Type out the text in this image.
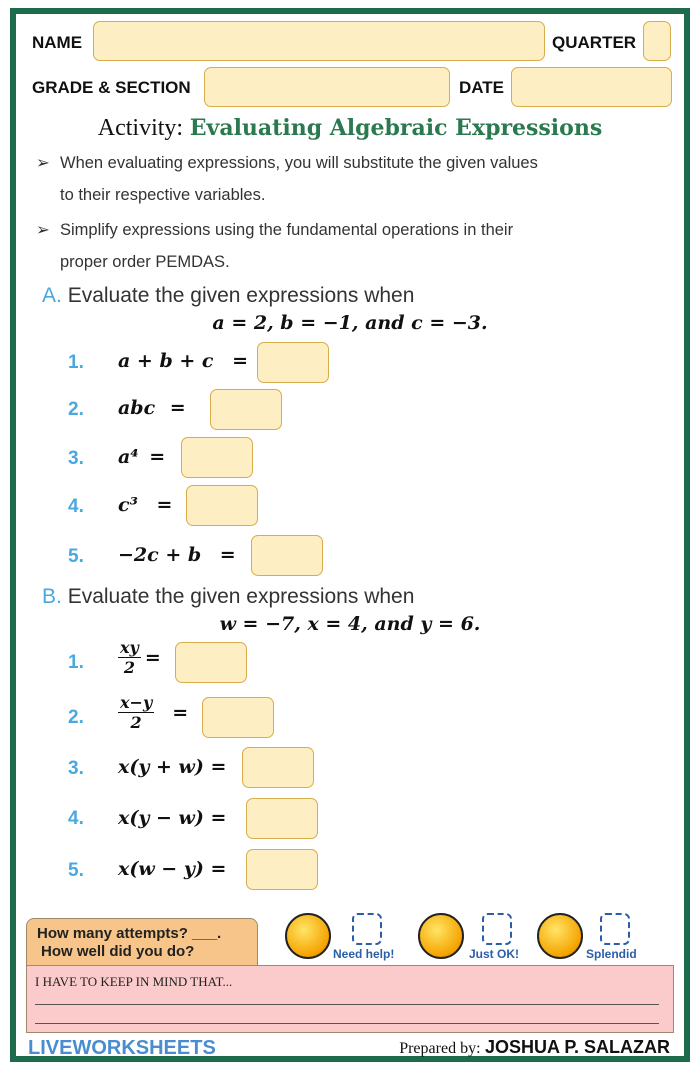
NAME	QUARTER
GRADE & SECTION	DATE
Activity: Evaluating Algebraic Expressions
➢ When evaluating expressions, you will substitute the given values
to their respective variables.
➢ Simplify expressions using the fundamental operations in their
proper order PEMDAS.
A. Evaluate the given expressions when
a = 2, b = −1, and c = −3.
1. a + b + c =
2. abc =
3. a⁴ =
4. c³ =
5. −2c + b =
B. Evaluate the given expressions when
w = −7, x = 4, and y = 6.
1. $\frac{xy}{2}$ =
2. $\frac{x-y}{2}$ =
3. x(y + w) =
4. x(y − w) =
5. x(w − y) =
How many attempts? ___.
How well did you do?	Need help!	Just OK!	Splendid
I HAVE TO KEEP IN MIND THAT...
LIVEWORKSHEETS	Prepared by: JOSHUA P. SALAZAR
